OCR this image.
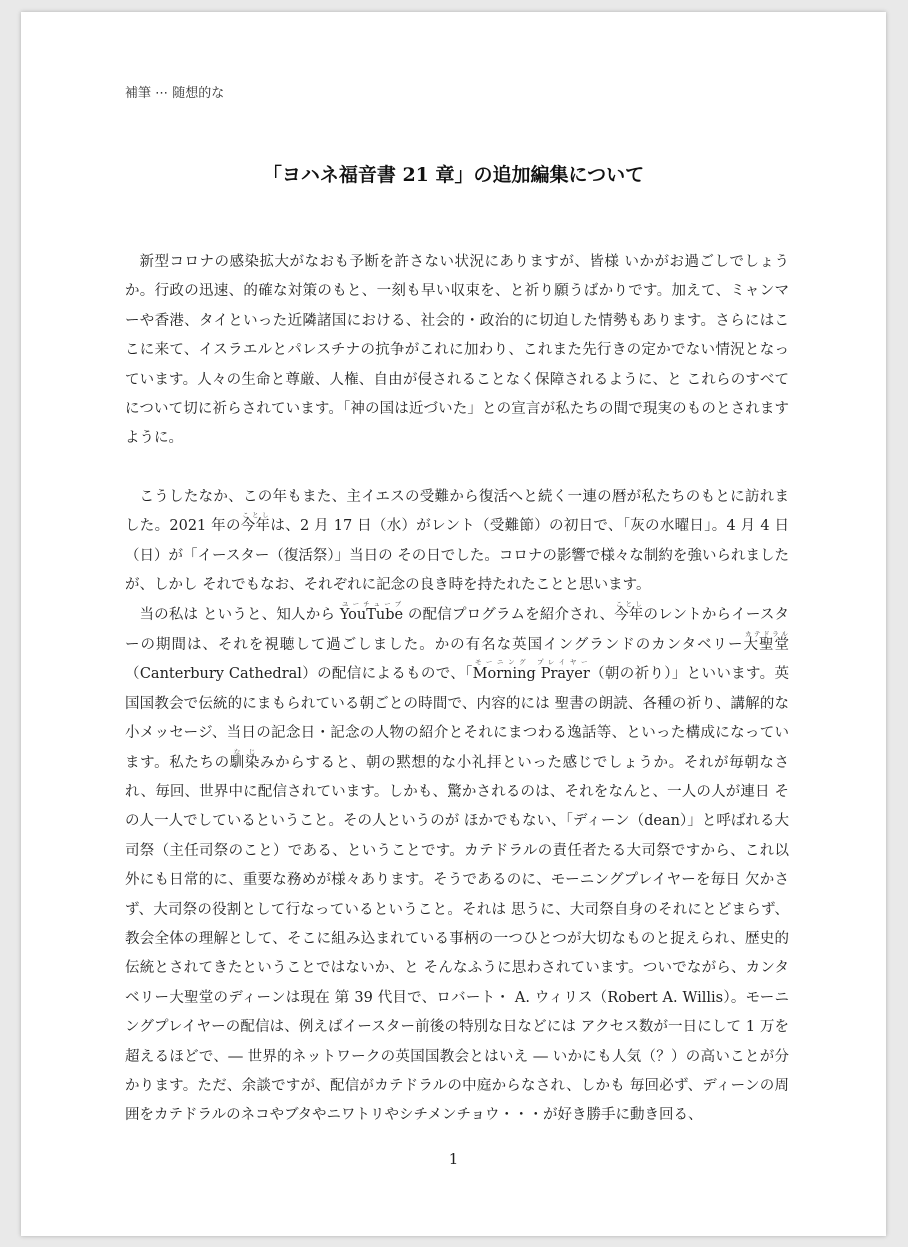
補筆 ⋯ 随想的な
「ヨハネ福音書 21 章」の追加編集について

新型コロナの感染拡大がなおも予断を許さない状況にありますが、皆様 いかがお過ごしでしょうか。行政の迅速、的確な対策のもと、一刻も早い収束を、と祈り願うばかりです。加えて、ミャンマーや香港、タイといった近隣諸国における、社会的・政治的に切迫した情勢もあります。さらにはここに来て、イスラエルとパレスチナの抗争がこれに加わり、これまた先行きの定かでない情況となっています。人々の生命と尊厳、人権、自由が侵されることなく保障されるように、と これらのすべてについて切に祈らされています。「神の国は近づいた」との宣言が私たちの間で現実のものとされますように。

こうしたなか、この年もまた、主イエスの受難から復活へと続く一連の暦が私たちのもとに訪れました。2021 年の今年ことしは、2 月 17 日（水）がレント（受難節）の初日で、「灰の水曜日」。4 月 4 日（日）が「イースター（復活祭）」当日の その日でした。コロナの影響で様々な制約を強いられましたが、しかし それでもなお、それぞれに記念の良き時を持たれたことと思います。

当の私は というと、知人から YouTubeユーチューブ の配信プログラムを紹介され、今年ことしのレントからイースターの期間は、それを視聴して過ごしました。かの有名な英国イングランドのカンタベリー大聖堂カテドラル（Canterbury Cathedral）の配信によるもので、「Morning Prayerモーニング プレイヤー（朝の祈り）」といいます。英国国教会で伝統的にまもられている朝ごとの時間で、内容的には 聖書の朗読、各種の祈り、講解的な小メッセージ、当日の記念日・記念の人物の紹介とそれにまつわる逸話等、といった構成になっています。私たちの馴染なじみからすると、朝の黙想的な小礼拝といった感じでしょうか。それが毎朝なされ、毎回、世界中に配信されています。しかも、驚かされるのは、それをなんと、一人の人が連日 その人一人でしているということ。その人というのが ほかでもない、「ディーン（dean）」と呼ばれる大司祭（主任司祭のこと）である、ということです。カテドラルの責任者たる大司祭ですから、これ以外にも日常的に、重要な務めが様々あります。そうであるのに、モーニングプレイヤーを毎日 欠かさず、大司祭の役割として行なっているということ。それは 思うに、大司祭自身のそれにとどまらず、教会全体の理解として、そこに組み込まれている事柄の一つひとつが大切なものと捉えられ、歴史的伝統とされてきたということではないか、と そんなふうに思わされています。ついでながら、カンタベリー大聖堂のディーンは現在 第 39 代目で、ロバート・ A. ウィリス（Robert A. Willis）。モーニングプレイヤーの配信は、例えばイースター前後の特別な日などには アクセス数が一日にして 1 万を超えるほどで、― 世界的ネットワークの英国国教会とはいえ ― いかにも人気（？）の高いことが分かります。ただ、余談ですが、配信がカテドラルの中庭からなされ、しかも 毎回必ず、ディーンの周囲をカテドラルのネコやブタやニワトリやシチメンチョウ・・・が好き勝手に動き回る、

1
